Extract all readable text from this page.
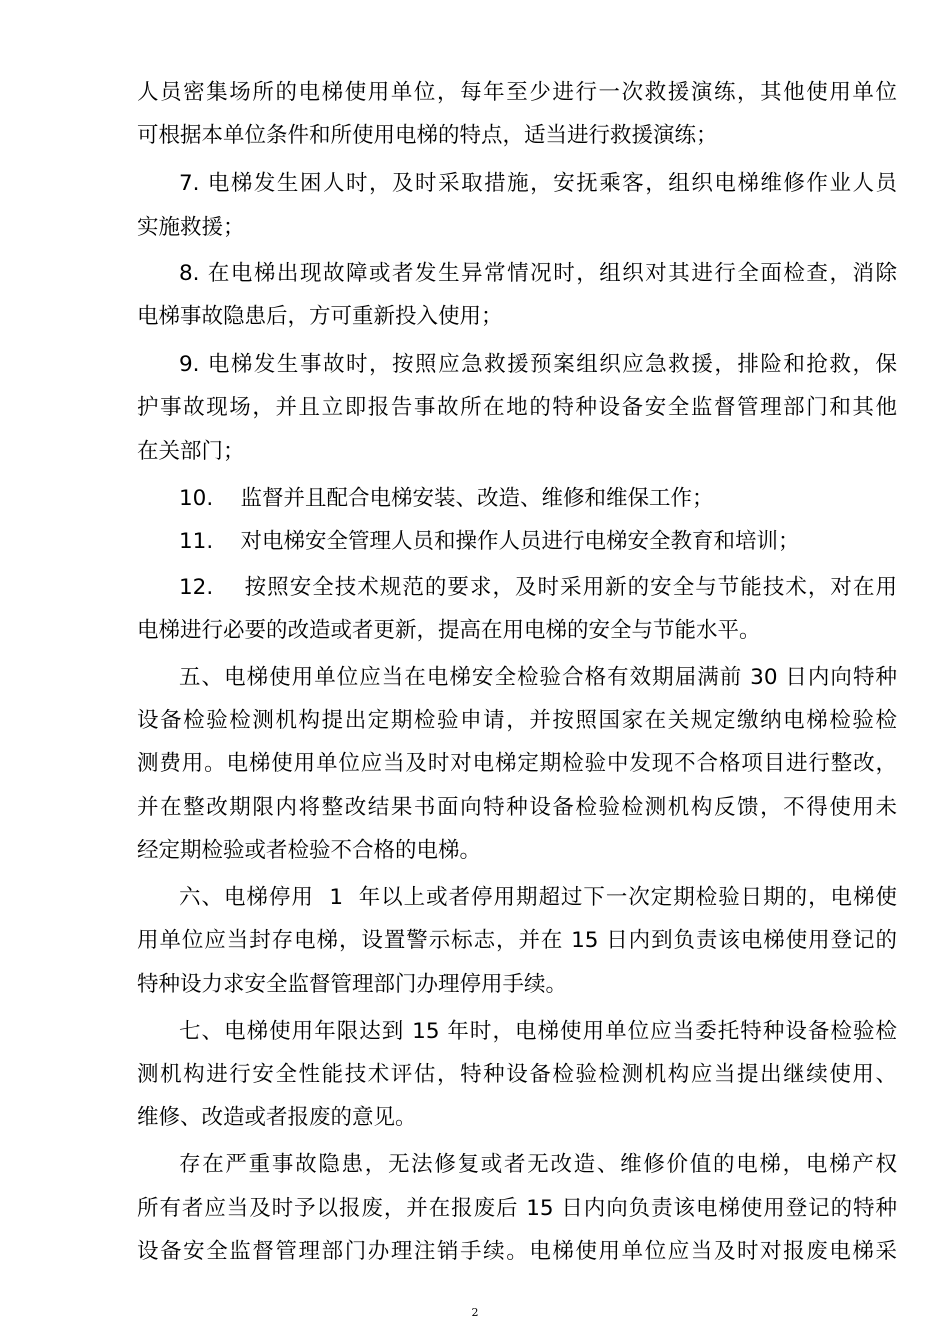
人员密集场所的电梯使用单位，每年至少进行一次救援演练，其他使用单位
可根据本单位条件和所使用电梯的特点，适当进行救援演练；
7. 电梯发生困人时，及时采取措施，安抚乘客，组织电梯维修作业人员
实施救援；
8. 在电梯出现故障或者发生异常情况时，组织对其进行全面检查，消除
电梯事故隐患后，方可重新投入使用；
9. 电梯发生事故时，按照应急救援预案组织应急救援，排险和抢救，保
护事故现场，并且立即报告事故所在地的特种设备安全监督管理部门和其他
在关部门；
10.    监督并且配合电梯安装、改造、维修和维保工作；
11.    对电梯安全管理人员和操作人员进行电梯安全教育和培训；
12.    按照安全技术规范的要求，及时采用新的安全与节能技术，对在用
电梯进行必要的改造或者更新，提高在用电梯的安全与节能水平。
五、电梯使用单位应当在电梯安全检验合格有效期届满前 30 日内向特种
设备检验检测机构提出定期检验申请，并按照国家在关规定缴纳电梯检验检
测费用。电梯使用单位应当及时对电梯定期检验中发现不合格项目进行整改，
并在整改期限内将整改结果书面向特种设备检验检测机构反馈，不得使用未
经定期检验或者检验不合格的电梯。
六、电梯停用  1  年以上或者停用期超过下一次定期检验日期的，电梯使
用单位应当封存电梯，设置警示标志，并在 15 日内到负责该电梯使用登记的
特种设力求安全监督管理部门办理停用手续。
七、电梯使用年限达到 15 年时，电梯使用单位应当委托特种设备检验检
测机构进行安全性能技术评估，特种设备检验检测机构应当提出继续使用、
维修、改造或者报废的意见。
存在严重事故隐患，无法修复或者无改造、维修价值的电梯，电梯产权
所有者应当及时予以报废，并在报废后 15 日内向负责该电梯使用登记的特种
设备安全监督管理部门办理注销手续。电梯使用单位应当及时对报废电梯采
2
